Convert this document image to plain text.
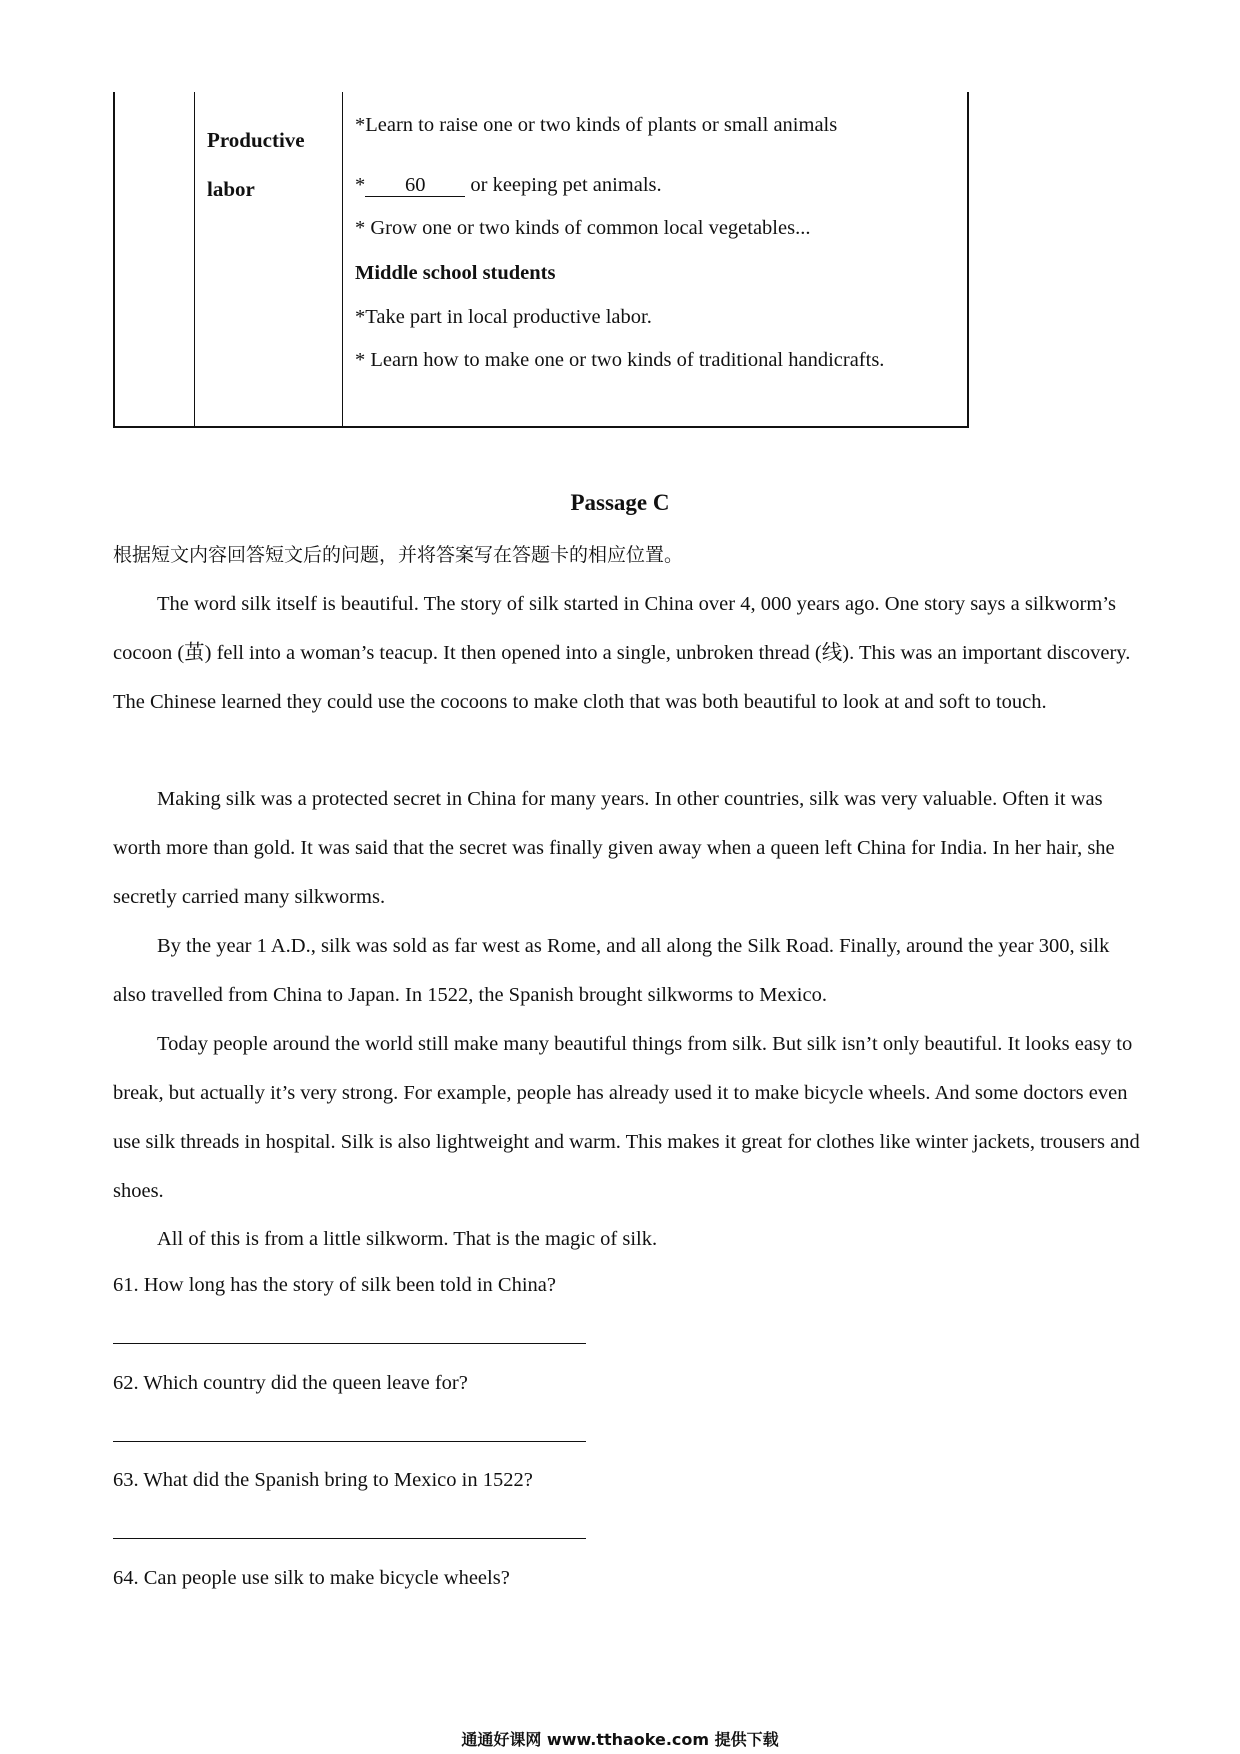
Productive labor
*Learn to raise one or two kinds of plants or small animals
* 60 or keeping pet animals.
* Grow one or two kinds of common local vegetables...
Middle school students
*Take part in local productive labor.
* Learn how to make one or two kinds of traditional handicrafts.
Passage C
根据短文内容回答短文后的问题，并将答案写在答题卡的相应位置。

The word silk itself is beautiful. The story of silk started in China over 4, 000 years ago. One story says a silkworm’s cocoon (茧) fell into a woman’s teacup. It then opened into a single, unbroken thread (线). This was an important discovery. The Chinese learned they could use the cocoons to make cloth that was both beautiful to look at and soft to touch.

Making silk was a protected secret in China for many years. In other countries, silk was very valuable. Often it was worth more than gold. It was said that the secret was finally given away when a queen left China for India. In her hair, she secretly carried many silkworms.

By the year 1 A.D., silk was sold as far west as Rome, and all along the Silk Road. Finally, around the year 300, silk also travelled from China to Japan. In 1522, the Spanish brought silkworms to Mexico.

Today people around the world still make many beautiful things from silk. But silk isn’t only beautiful. It looks easy to break, but actually it’s very strong. For example, people has already used it to make bicycle wheels. And some doctors even use silk threads in hospital. Silk is also lightweight and warm. This makes it great for clothes like winter jackets, trousers and shoes.

All of this is from a little silkworm. That is the magic of silk.

61. How long has the story of silk been told in China?
62. Which country did the queen leave for?
63. What did the Spanish bring to Mexico in 1522?
64. Can people use silk to make bicycle wheels?
通通好课网 www.tthaoke.com 提供下载
